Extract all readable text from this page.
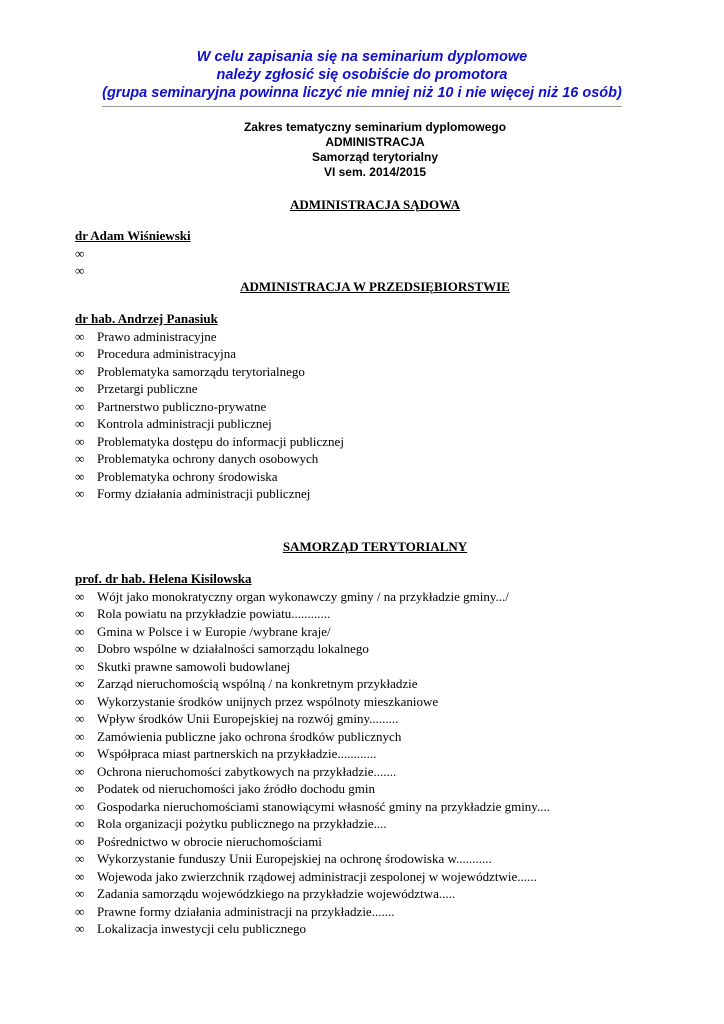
W celu zapisania się na seminarium dyplomowe
należy zgłosić się osobiście do promotora
(grupa seminaryjna powinna liczyć nie mniej niż 10 i nie więcej niż 16 osób)
Zakres tematyczny seminarium dyplomowego
ADMINISTRACJA
Samorząd terytorialny
VI sem. 2014/2015
ADMINISTRACJA SĄDOWA
dr Adam Wiśniewski
∞
∞
ADMINISTRACJA W PRZEDSIĘBIORSTWIE
dr hab. Andrzej Panasiuk
∞ Prawo administracyjne
∞ Procedura administracyjna
∞ Problematyka samorządu terytorialnego
∞ Przetargi publiczne
∞ Partnerstwo publiczno-prywatne
∞ Kontrola administracji publicznej
∞ Problematyka dostępu do informacji publicznej
∞ Problematyka ochrony danych osobowych
∞ Problematyka ochrony środowiska
∞ Formy działania administracji publicznej
SAMORZĄD TERYTORIALNY
prof. dr hab. Helena Kisilowska
∞ Wójt jako monokratyczny organ wykonawczy gminy / na przykładzie gminy.../
∞ Rola powiatu na przykładzie powiatu............
∞ Gmina w Polsce i w Europie /wybrane kraje/
∞ Dobro wspólne w działalności samorządu lokalnego
∞ Skutki prawne samowoli budowlanej
∞ Zarząd nieruchomością wspólną / na konkretnym przykładzie
∞ Wykorzystanie środków unijnych przez wspólnoty mieszkaniowe
∞ Wpływ środków Unii Europejskiej na rozwój gminy.........
∞ Zamówienia publiczne jako ochrona środków publicznych
∞ Współpraca miast partnerskich na przykładzie............
∞ Ochrona nieruchomości zabytkowych na przykładzie.......
∞ Podatek od nieruchomości jako źródło dochodu gmin
∞ Gospodarka nieruchomościami stanowiącymi własność gminy na przykładzie gminy....
∞ Rola organizacji pożytku publicznego na przykładzie....
∞ Pośrednictwo w obrocie nieruchomościami
∞ Wykorzystanie funduszy Unii Europejskiej na ochronę środowiska w...........
∞ Wojewoda jako zwierzchnik rządowej administracji zespolonej w województwie......
∞ Zadania samorządu wojewódzkiego na przykładzie województwa.....
∞ Prawne formy działania administracji na przykładzie.......
∞ Lokalizacja inwestycji celu publicznego
